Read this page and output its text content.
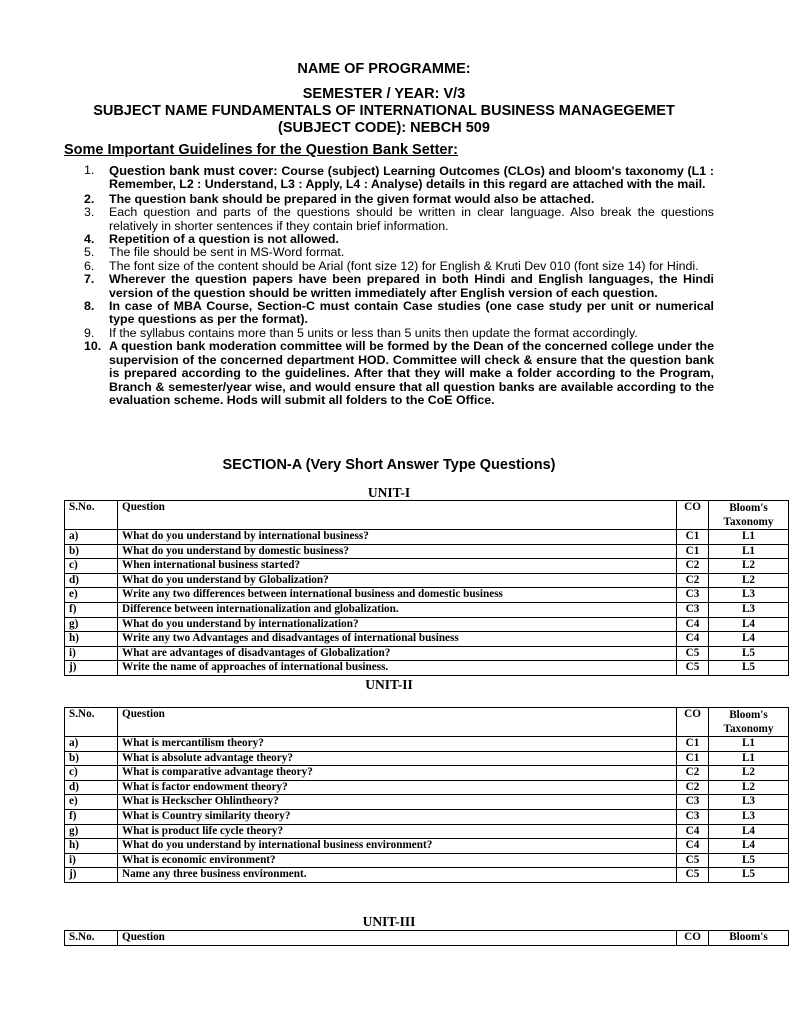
NAME OF PROGRAMME:
SEMESTER / YEAR: V/3
SUBJECT NAME FUNDAMENTALS OF INTERNATIONAL BUSINESS MANAGEGEMET
(SUBJECT CODE): NEBCH 509
Some Important Guidelines for the Question Bank Setter:
1. Question bank must cover: Course (subject) Learning Outcomes (CLOs) and bloom's taxonomy (L1 : Remember, L2 : Understand, L3 : Apply, L4 : Analyse) details in this regard are attached with the mail.
2. The question bank should be prepared in the given format would also be attached.
3. Each question and parts of the questions should be written in clear language. Also break the questions relatively in shorter sentences if they contain brief information.
4. Repetition of a question is not allowed.
5. The file should be sent in MS-Word format.
6. The font size of the content should be Arial (font size 12) for English & Kruti Dev 010 (font size 14) for Hindi.
7. Wherever the question papers have been prepared in both Hindi and English languages, the Hindi version of the question should be written immediately after English version of each question.
8. In case of MBA Course, Section-C must contain Case studies (one case study per unit or numerical type questions as per the format).
9. If the syllabus contains more than 5 units or less than 5 units then update the format accordingly.
10. A question bank moderation committee will be formed by the Dean of the concerned college under the supervision of the concerned department HOD. Committee will check & ensure that the question bank is prepared according to the guidelines. After that they will make a folder according to the Program, Branch & semester/year wise, and would ensure that all question banks are available according to the evaluation scheme. Hods will submit all folders to the CoE Office.
SECTION-A (Very Short Answer Type Questions)
UNIT-I
S.No.	Question	CO	Bloom's Taxonomy
a)	What do you understand by international business?	C1	L1
b)	What do you understand by domestic business?	C1	L1
c)	When international business started?	C2	L2
d)	What do you understand by Globalization?	C2	L2
e)	Write any two differences between international business and domestic business	C3	L3
f)	Difference between internationalization and globalization.	C3	L3
g)	What do you understand by internationalization?	C4	L4
h)	Write any two Advantages and disadvantages of international business	C4	L4
i)	What are advantages of disadvantages of Globalization?	C5	L5
j)	Write the name of approaches of international business.	C5	L5
UNIT-II
S.No.	Question	CO	Bloom's Taxonomy
a)	What is mercantilism theory?	C1	L1
b)	What is absolute advantage theory?	C1	L1
c)	What is comparative advantage theory?	C2	L2
d)	What is factor endowment theory?	C2	L2
e)	What is Heckscher Ohlintheory?	C3	L3
f)	What is Country similarity theory?	C3	L3
g)	What is product life cycle theory?	C4	L4
h)	What do you understand by international business environment?	C4	L4
i)	What is economic environment?	C5	L5
j)	Name any three business environment.	C5	L5
UNIT-III
S.No.	Question	CO	Bloom's
